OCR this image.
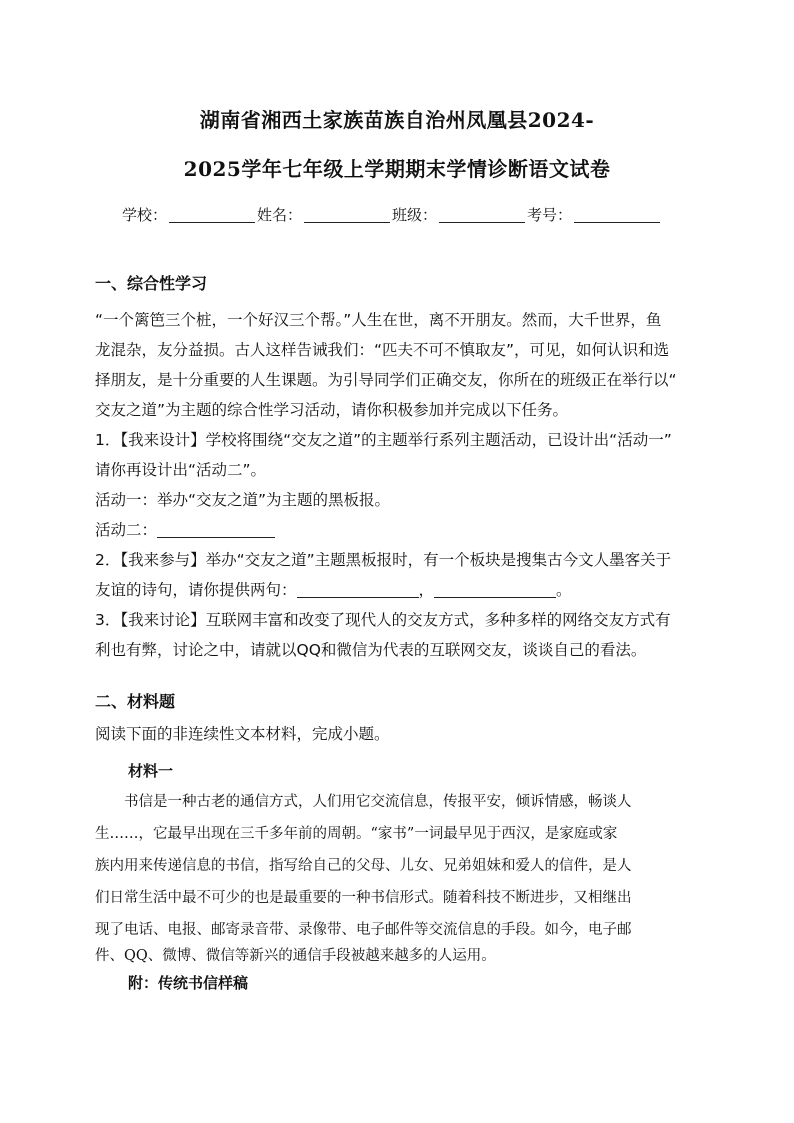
湖南省湘西土家族苗族自治州凤凰县2024-
2025学年七年级上学期期末学情诊断语文试卷
学校：	姓名：	班级：	考号：
一、综合性学习
“一个篱笆三个桩，一个好汉三个帮。”人生在世，离不开朋友。然而，大千世界，鱼
龙混杂，友分益损。古人这样告诫我们：“匹夫不可不慎取友”，可见，如何认识和选
择朋友，是十分重要的人生课题。为引导同学们正确交友，你所在的班级正在举行以“
交友之道”为主题的综合性学习活动，请你积极参加并完成以下任务。
1．【我来设计】学校将围绕“交友之道”的主题举行系列主题活动，已设计出“活动一”
请你再设计出“活动二”。
活动一：举办“交友之道”为主题的黑板报。
活动二：
2．【我来参与】举办“交友之道”主题黑板报时，有一个板块是搜集古今文人墨客关于
友谊的诗句，请你提供两句：	，	。
3．【我来讨论】互联网丰富和改变了现代人的交友方式，多种多样的网络交友方式有
利也有弊，讨论之中，请就以QQ和微信为代表的互联网交友，谈谈自己的看法。
二、材料题
阅读下面的非连续性文本材料，完成小题。
材料一
　　书信是一种古老的通信方式，人们用它交流信息，传报平安，倾诉情感，畅谈人
生……，它最早出现在三千多年前的周朝。“家书”一词最早见于西汉，是家庭或家
族内用来传递信息的书信，指写给自己的父母、儿女、兄弟姐妹和爱人的信件，是人
们日常生活中最不可少的也是最重要的一种书信形式。随着科技不断进步，又相继出
现了电话、电报、邮寄录音带、录像带、电子邮件等交流信息的手段。如今，电子邮
件、QQ、微博、微信等新兴的通信手段被越来越多的人运用。
附：传统书信样稿
